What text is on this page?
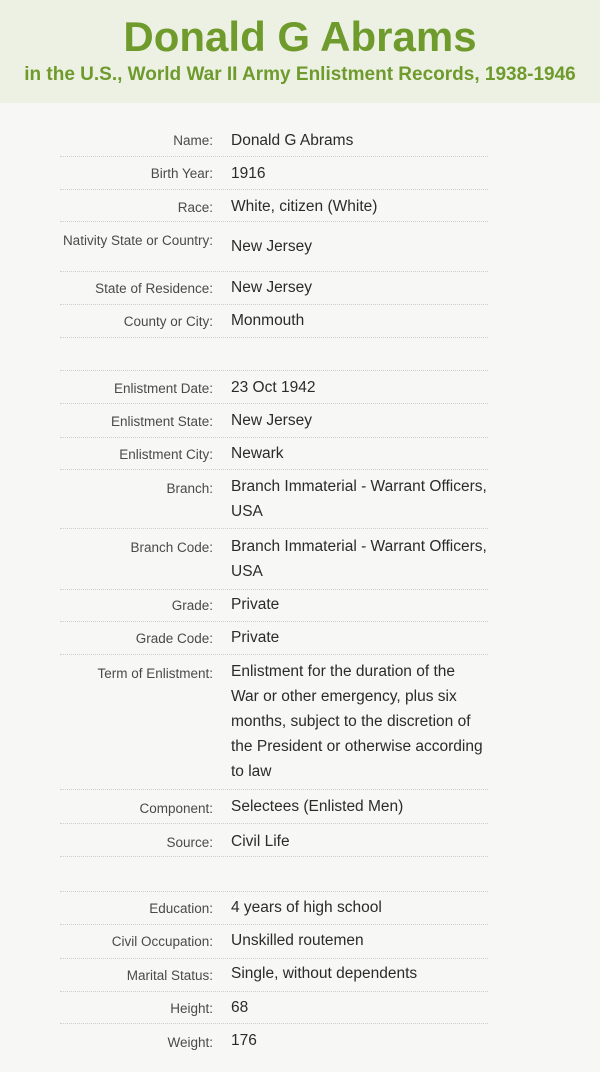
Donald G Abrams
in the U.S., World War II Army Enlistment Records, 1938-1946
Name: Donald G Abrams
Birth Year: 1916
Race: White, citizen (White)
Nativity State or Country: New Jersey
State of Residence: New Jersey
County or City: Monmouth
Enlistment Date: 23 Oct 1942
Enlistment State: New Jersey
Enlistment City: Newark
Branch: Branch Immaterial - Warrant Officers, USA
Branch Code: Branch Immaterial - Warrant Officers, USA
Grade: Private
Grade Code: Private
Term of Enlistment: Enlistment for the duration of the War or other emergency, plus six months, subject to the discretion of the President or otherwise according to law
Component: Selectees (Enlisted Men)
Source: Civil Life
Education: 4 years of high school
Civil Occupation: Unskilled routemen
Marital Status: Single, without dependents
Height: 68
Weight: 176
